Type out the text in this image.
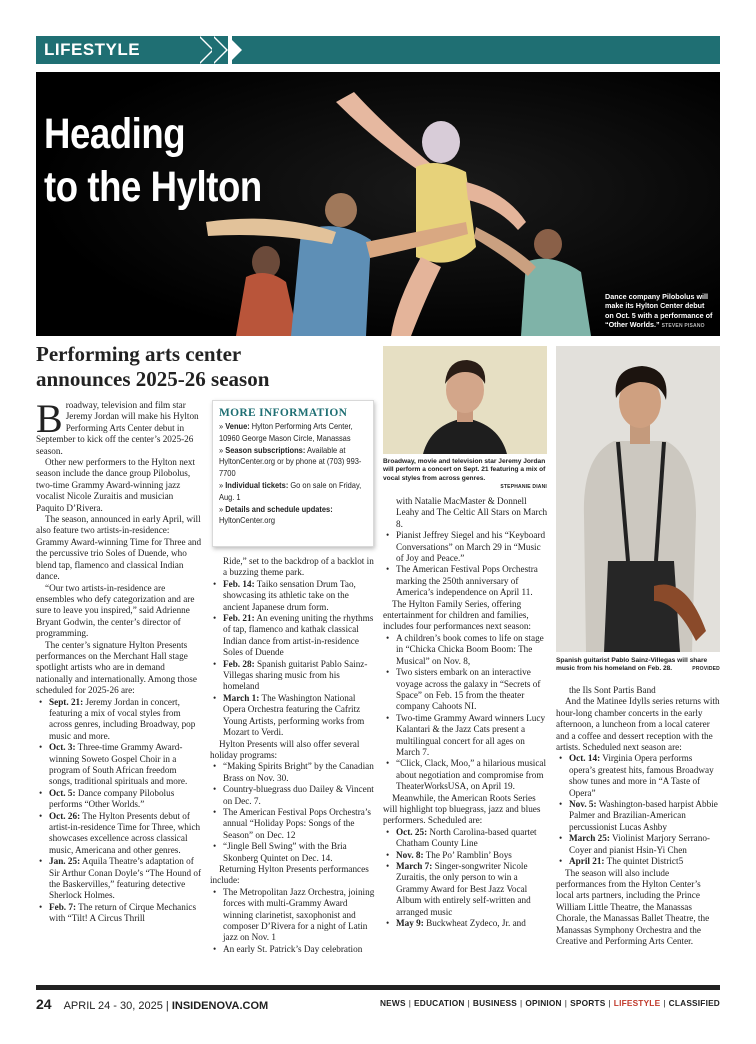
LIFESTYLE
Heading
to the Hylton
Dance company Pilobolus will make its Hylton Center debut on Oct. 5 with a performance of “Other Worlds.” STEVEN PISANO
Performing arts center
announces 2025-26 season

Broadway, television and film star Jeremy Jordan will make his Hylton Performing Arts Center debut in September to kick off the center’s 2025-26 season.

Other new performers to the Hylton next season include the dance group Pilobolus, two-time Grammy Award-winning jazz vocalist Nicole Zuraitis and musician Paquito D’Rivera.

The season, announced in early April, will also feature two artists-in-residence: Grammy Award-winning Time for Three and the percussive trio Soles of Duende, who blend tap, flamenco and classical Indian dance.

“Our two artists-in-residence are ensembles who defy categorization and are sure to leave you inspired,” said Adrienne Bryant Godwin, the center’s director of programming.

The center’s signature Hylton Presents performances on the Merchant Hall stage spotlight artists who are in demand nationally and internationally. Among those scheduled for 2025-26 are:

• Sept. 21: Jeremy Jordan in concert, featuring a mix of vocal styles from across genres, including Broadway, pop music and more.
• Oct. 3: Three-time Grammy Award-winning Soweto Gospel Choir in a program of South African freedom songs, traditional spirituals and more.
• Oct. 5: Dance company Pilobolus performs “Other Worlds.”
• Oct. 26: The Hylton Presents debut of artist-in-residence Time for Three, which showcases excellence across classical music, Americana and other genres.
• Jan. 25: Aquila Theatre’s adaptation of Sir Arthur Conan Doyle’s “The Hound of the Baskervilles,” featuring detective Sherlock Holmes.
• Feb. 7: The return of Cirque Mechanics with “Tilt! A Circus Thrill
MORE INFORMATION
» Venue: Hylton Performing Arts Center, 10960 George Mason Circle, Manassas
» Season subscriptions: Available at HyltonCenter.org or by phone at (703) 993-7700
» Individual tickets: Go on sale on Friday, Aug. 1
» Details and schedule updates: HyltonCenter.org

Ride,” set to the backdrop of a backlot in a buzzing theme park.

• Feb. 14: Taiko sensation Drum Tao, showcasing its athletic take on the ancient Japanese drum form.
• Feb. 21: An evening uniting the rhythms of tap, flamenco and kathak classical Indian dance from artist-in-residence Soles of Duende
• Feb. 28: Spanish guitarist Pablo Sainz-Villegas sharing music from his homeland
• March 1: The Washington National Opera Orchestra featuring the Cafritz Young Artists, performing works from Mozart to Verdi.

Hylton Presents will also offer several holiday programs:

• “Making Spirits Bright” by the Canadian Brass on Nov. 30.
• Country-bluegrass duo Dailey & Vincent on Dec. 7.
• The American Festival Pops Orchestra’s annual “Holiday Pops: Songs of the Season” on Dec. 12
• “Jingle Bell Swing” with the Bria Skonberg Quintet on Dec. 14.

Returning Hylton Presents performances include:

• The Metropolitan Jazz Orchestra, joining forces with multi-Grammy Award winning clarinetist, saxophonist and composer D’Rivera for a night of Latin jazz on Nov. 1
• An early St. Patrick’s Day celebration
Broadway, movie and television star Jeremy Jordan will perform a concert on Sept. 21 featuring a mix of vocal styles from across genres.

STEPHANIE DIANI

with Natalie MacMaster & Donnell Leahy and The Celtic All Stars on March 8.

• Pianist Jeffrey Siegel and his “Keyboard Conversations” on March 29 in “Music of Joy and Peace.”
• The American Festival Pops Orchestra marking the 250th anniversary of America’s independence on April 11.

The Hylton Family Series, offering entertainment for children and families, includes four performances next season:

• A children’s book comes to life on stage in “Chicka Chicka Boom Boom: The Musical” on Nov. 8,
• Two sisters embark on an interactive voyage across the galaxy in “Secrets of Space” on Feb. 15 from the theater company Cahoots NI.
• Two-time Grammy Award winners Lucy Kalantari & the Jazz Cats present a multilingual concert for all ages on March 7.
• “Click, Clack, Moo,” a hilarious musical about negotiation and compromise from TheaterWorksUSA, on April 19.

Meanwhile, the American Roots Series will highlight top bluegrass, jazz and blues performers. Scheduled are:

• Oct. 25: North Carolina-based quartet Chatham County Line
• Nov. 8: The Po’ Ramblin’ Boys
• March 7: Singer-songwriter Nicole Zuraitis, the only person to win a Grammy Award for Best Jazz Vocal Album with entirely self-written and arranged music
• May 9: Buckwheat Zydeco, Jr. and
Spanish guitarist Pablo Sainz-Villegas will share music from his homeland on Feb. 28.	PROVIDED

the Ils Sont Partis Band

And the Matinee Idylls series returns with hour-long chamber concerts in the early afternoon, a luncheon from a local caterer and a coffee and dessert reception with the artists. Scheduled next season are:

• Oct. 14: Virginia Opera performs opera’s greatest hits, famous Broadway show tunes and more in “A Taste of Opera”
• Nov. 5: Washington-based harpist Abbie Palmer and Brazilian-American percussionist Lucas Ashby
• March 25: Violinist Marjory Serrano-Coyer and pianist Hsin-Yi Chen
• April 21: The quintet District5

The season will also include performances from the Hylton Center’s local arts partners, including the Prince William Little Theatre, the Manassas Chorale, the Manassas Ballet Theatre, the Manassas Symphony Orchestra and the Creative and Performing Arts Center.

24 APRIL 24 - 30, 2025 | INSIDENOVA.COM	NEWS | EDUCATION | BUSINESS | OPINION | SPORTS | LIFESTYLE | CLASSIFIED
